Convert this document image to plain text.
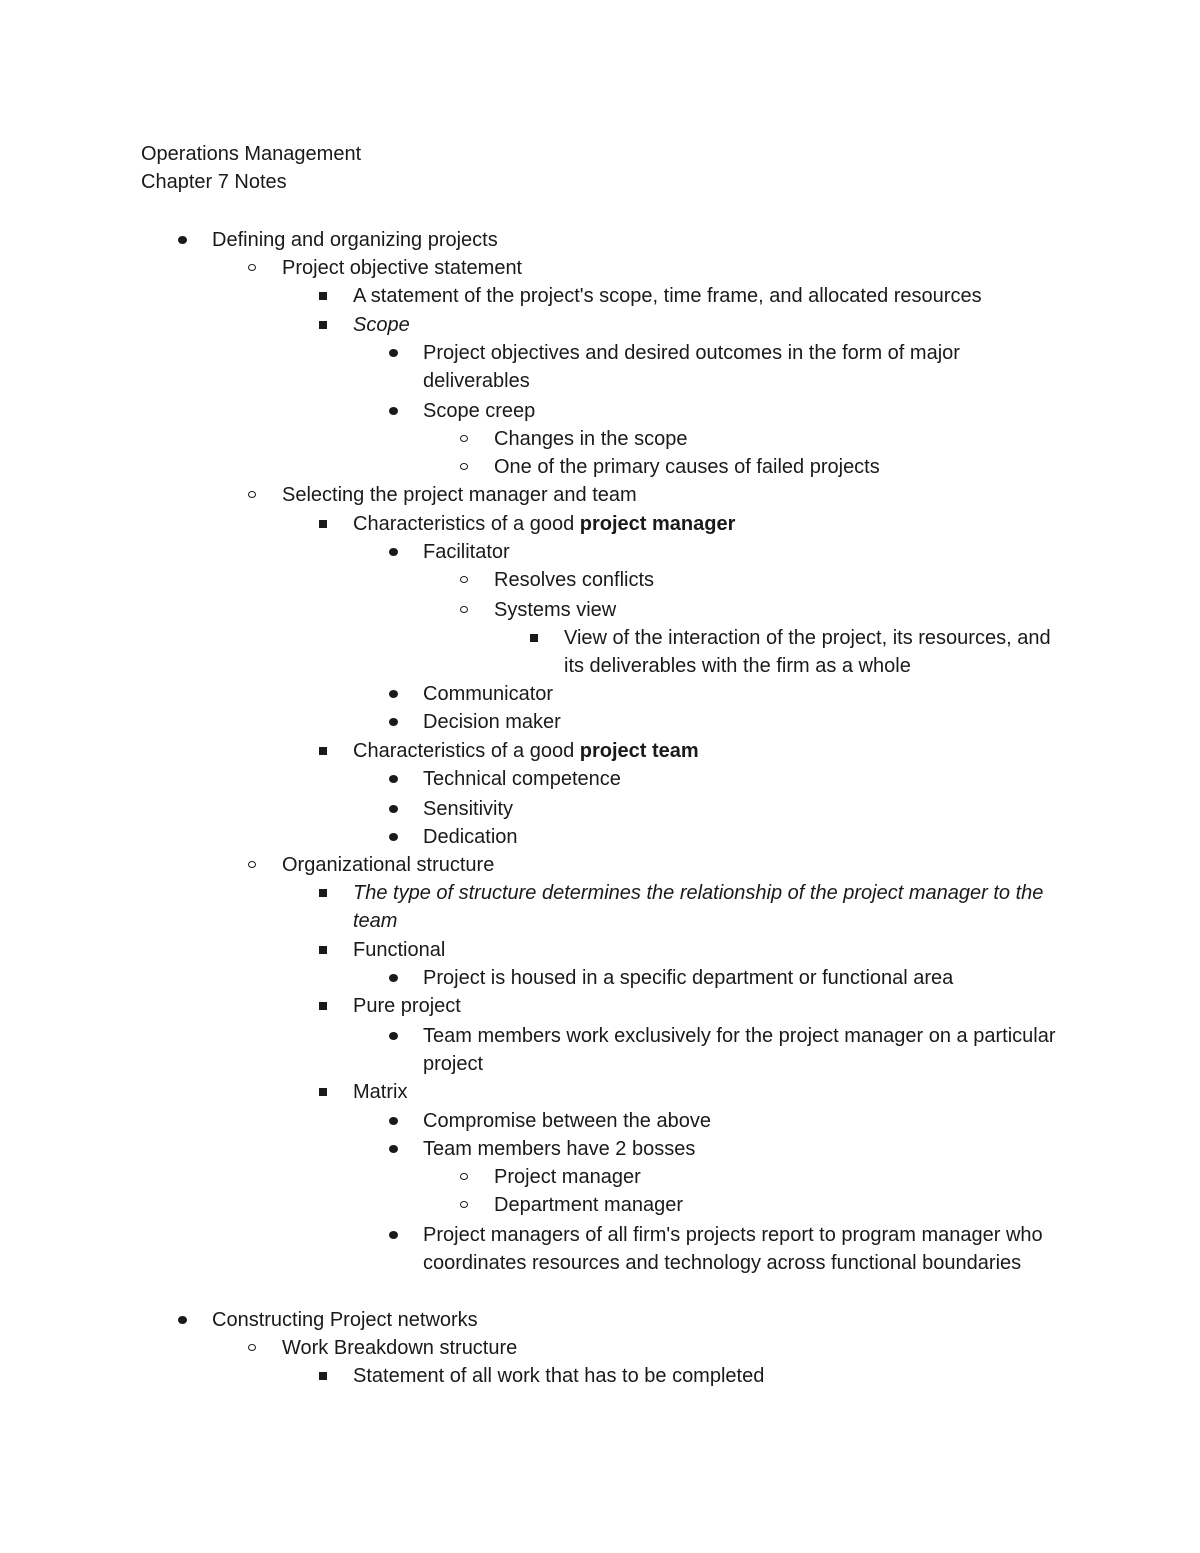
Operations Management
Chapter 7 Notes
Defining and organizing projects
Project objective statement
A statement of the project's scope, time frame, and allocated resources
Scope
Project objectives and desired outcomes in the form of major deliverables
Scope creep
Changes in the scope
One of the primary causes of failed projects
Selecting the project manager and team
Characteristics of a good project manager
Facilitator
Resolves conflicts
Systems view
View of the interaction of the project, its resources, and its deliverables with the firm as a whole
Communicator
Decision maker
Characteristics of a good project team
Technical competence
Sensitivity
Dedication
Organizational structure
The type of structure determines the relationship of the project manager to the team
Functional
Project is housed in a specific department or functional area
Pure project
Team members work exclusively for the project manager on a particular project
Matrix
Compromise between the above
Team members have 2 bosses
Project manager
Department manager
Project managers of all firm's projects report to program manager who coordinates resources and technology across functional boundaries
Constructing Project networks
Work Breakdown structure
Statement of all work that has to be completed
